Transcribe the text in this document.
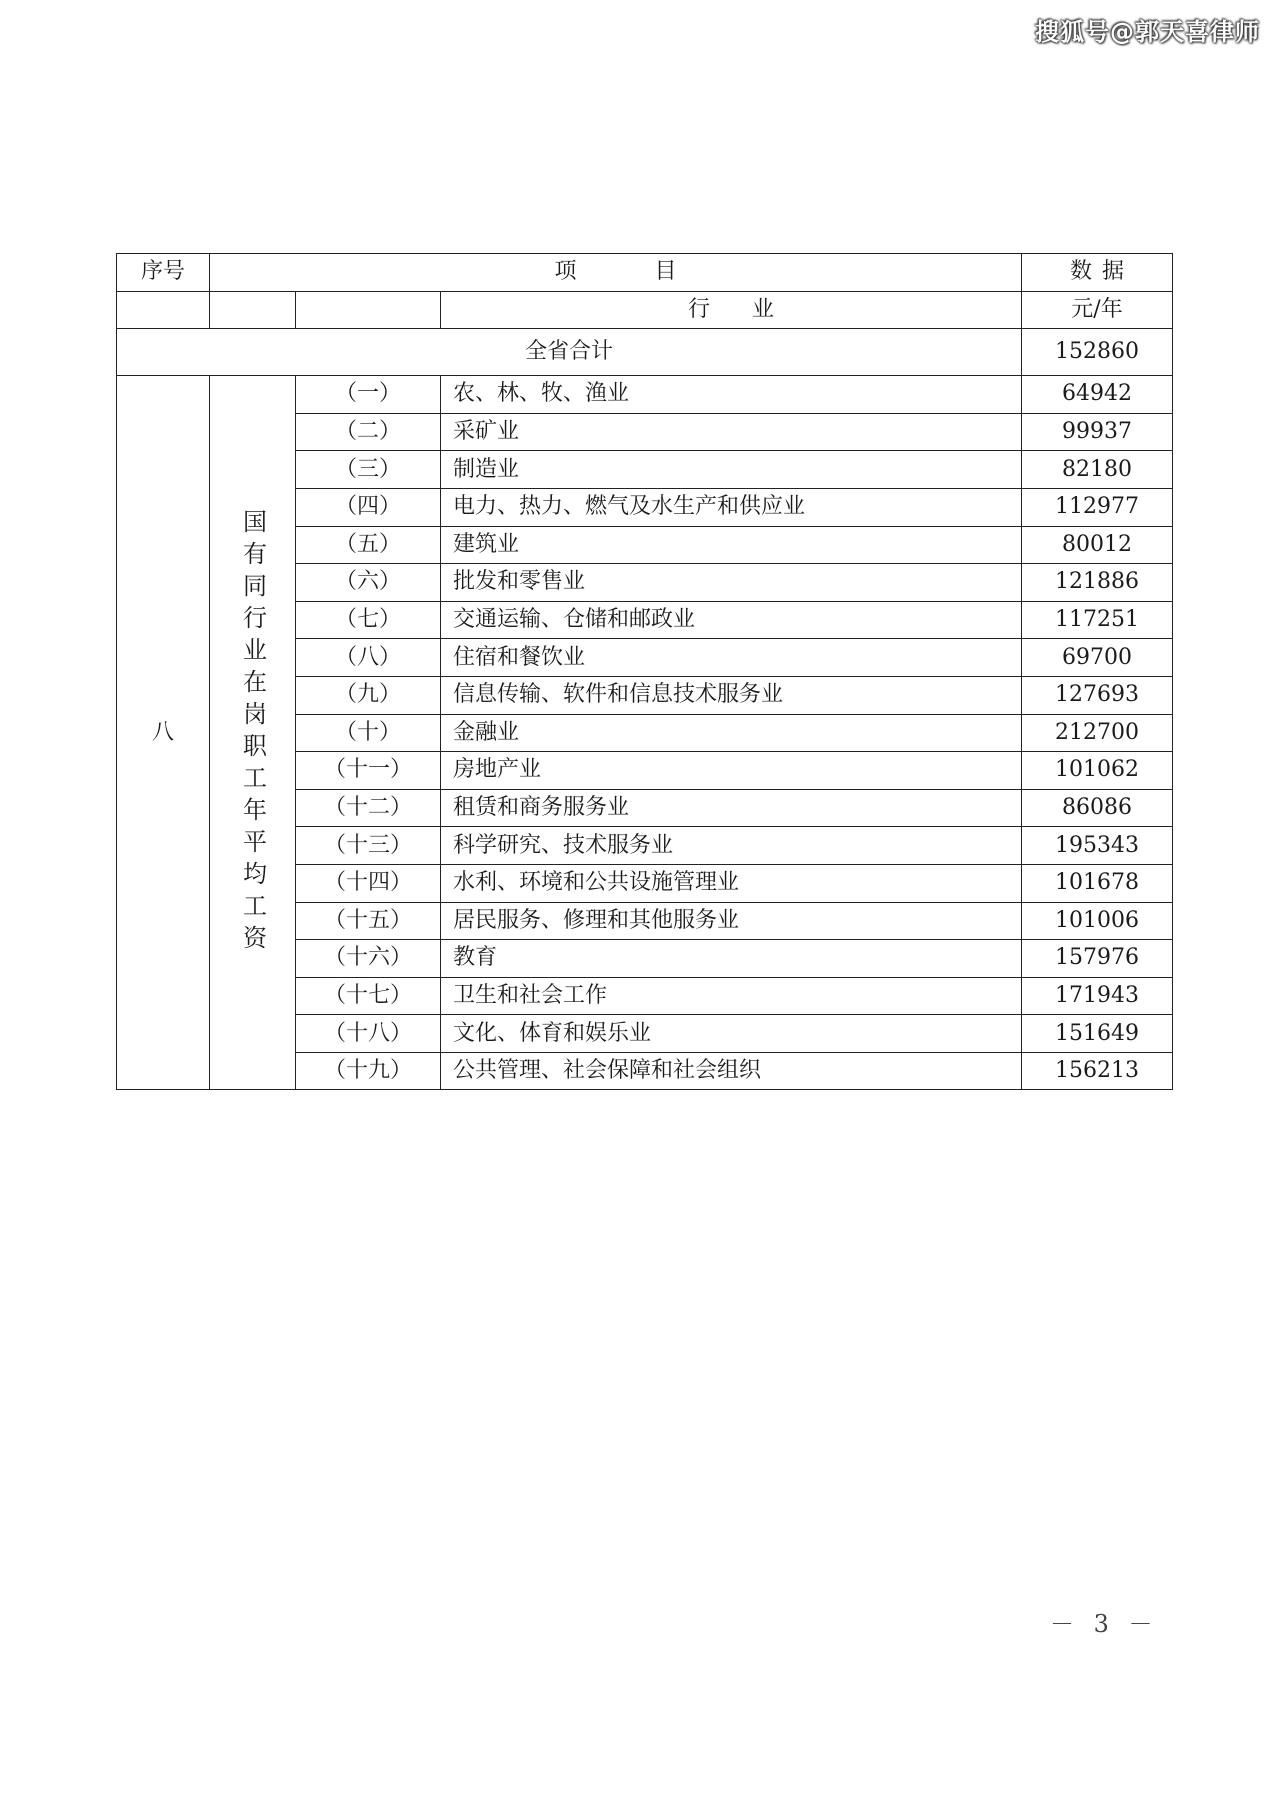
搜狐号@郭天喜律师
序号	项　目			数据
			行业	元/年
全省合计				152860
八	国有同行业在岗职工年平均工资	（一）	农、林、牧、渔业	64942
		（二）	采矿业	99937
		（三）	制造业	82180
		（四）	电力、热力、燃气及水生产和供应业	112977
		（五）	建筑业	80012
		（六）	批发和零售业	121886
		（七）	交通运输、仓储和邮政业	117251
		（八）	住宿和餐饮业	69700
		（九）	信息传输、软件和信息技术服务业	127693
		（十）	金融业	212700
		（十一）	房地产业	101062
		（十二）	租赁和商务服务业	86086
		（十三）	科学研究、技术服务业	195343
		（十四）	水利、环境和公共设施管理业	101678
		（十五）	居民服务、修理和其他服务业	101006
		（十六）	教育	157976
		（十七）	卫生和社会工作	171943
		（十八）	文化、体育和娱乐业	151649
		（十九）	公共管理、社会保障和社会组织	156213
－ 3 －
